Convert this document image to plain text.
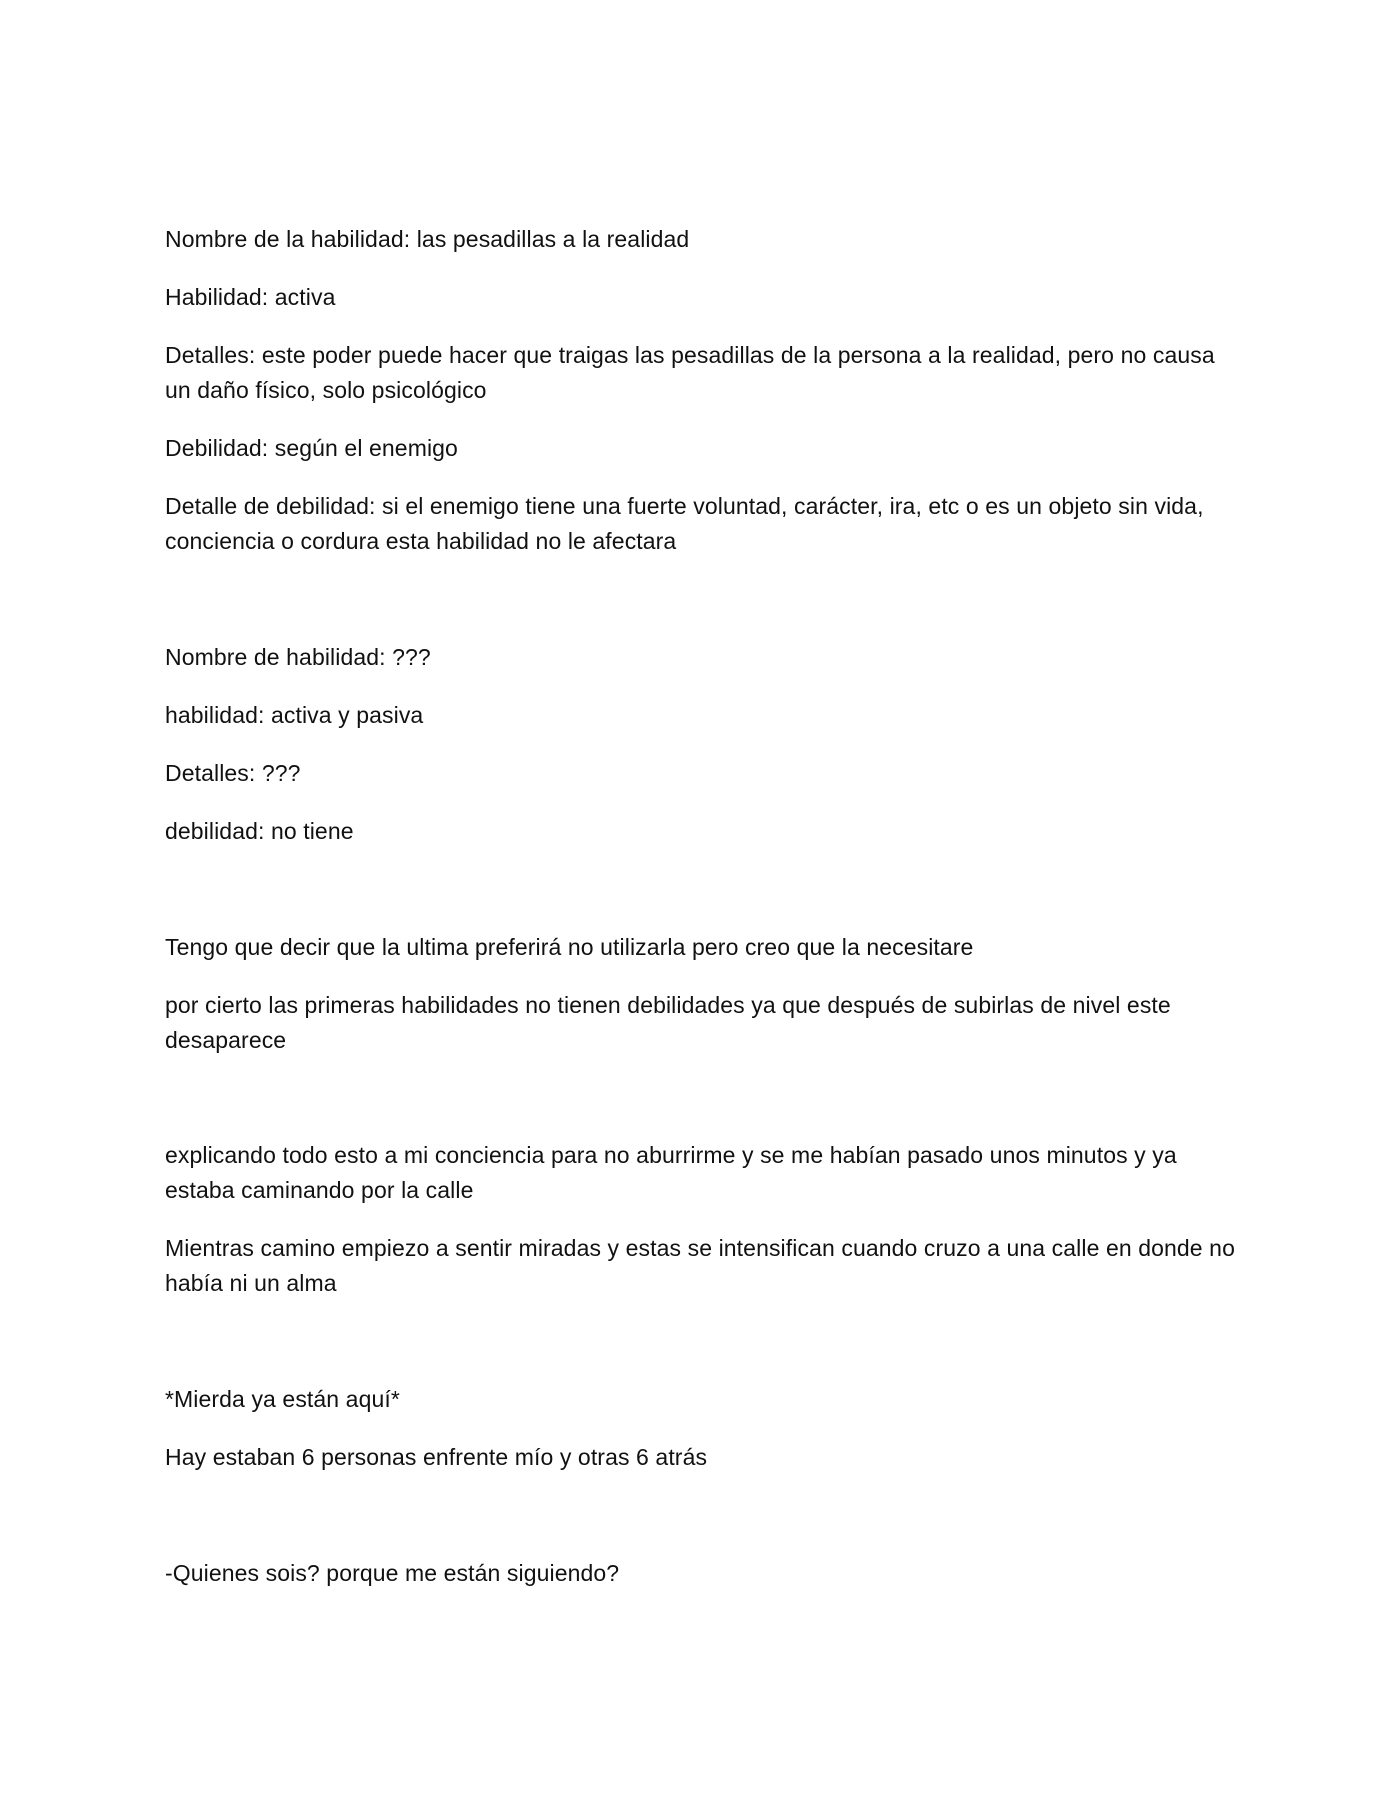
Nombre de la habilidad: las pesadillas a la realidad

Habilidad: activa

Detalles: este poder puede hacer que traigas las pesadillas de la persona a la realidad, pero no causa un daño físico, solo psicológico

Debilidad: según el enemigo

Detalle de debilidad: si el enemigo tiene una fuerte voluntad, carácter, ira, etc o es un objeto sin vida, conciencia o cordura esta habilidad no le afectara

Nombre de habilidad: ???

habilidad: activa y pasiva

Detalles: ???

debilidad: no tiene

Tengo que decir que la ultima preferirá no utilizarla pero creo que la necesitare

por cierto las primeras habilidades no tienen debilidades ya que después de subirlas de nivel este desaparece

explicando todo esto a mi conciencia para no aburrirme y se me habían pasado unos minutos y ya estaba caminando por la calle

Mientras camino empiezo a sentir miradas y estas se intensifican cuando cruzo a una calle en donde no había ni un alma

*Mierda ya están aquí*

Hay estaban 6 personas enfrente mío y otras 6 atrás

-Quienes sois? porque me están siguiendo?
